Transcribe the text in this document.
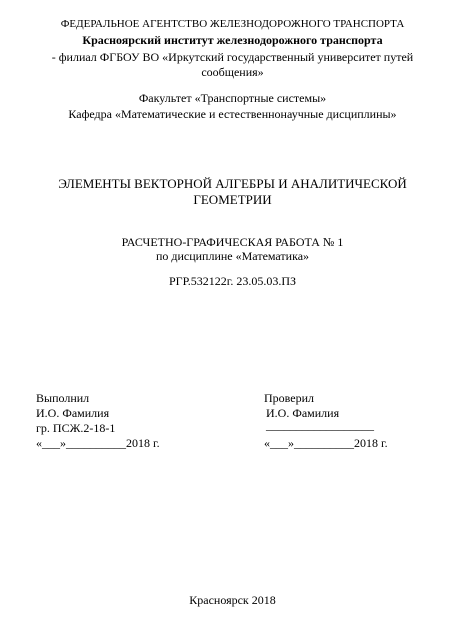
ФЕДЕРАЛЬНОЕ АГЕНТСТВО ЖЕЛЕЗНОДОРОЖНОГО ТРАНСПОРТА
Красноярский институт железнодорожного транспорта
- филиал ФГБОУ ВО «Иркутский государственный университет путей
сообщения»
Факультет «Транспортные системы»
Кафедра «Математические и естественнонаучные дисциплины»
ЭЛЕМЕНТЫ ВЕКТОРНОЙ АЛГЕБРЫ И АНАЛИТИЧЕСКОЙ
ГЕОМЕТРИИ
РАСЧЕТНО-ГРАФИЧЕСКАЯ РАБОТА № 1
по дисциплине «Математика»
РГР.532122г. 23.05.03.ПЗ
Выполнил
И.О. Фамилия
гр. ПСЖ.2-18-1
«___»__________2018 г.
Проверил
И.О. Фамилия
__________________
«___»__________2018 г.
Красноярск 2018
